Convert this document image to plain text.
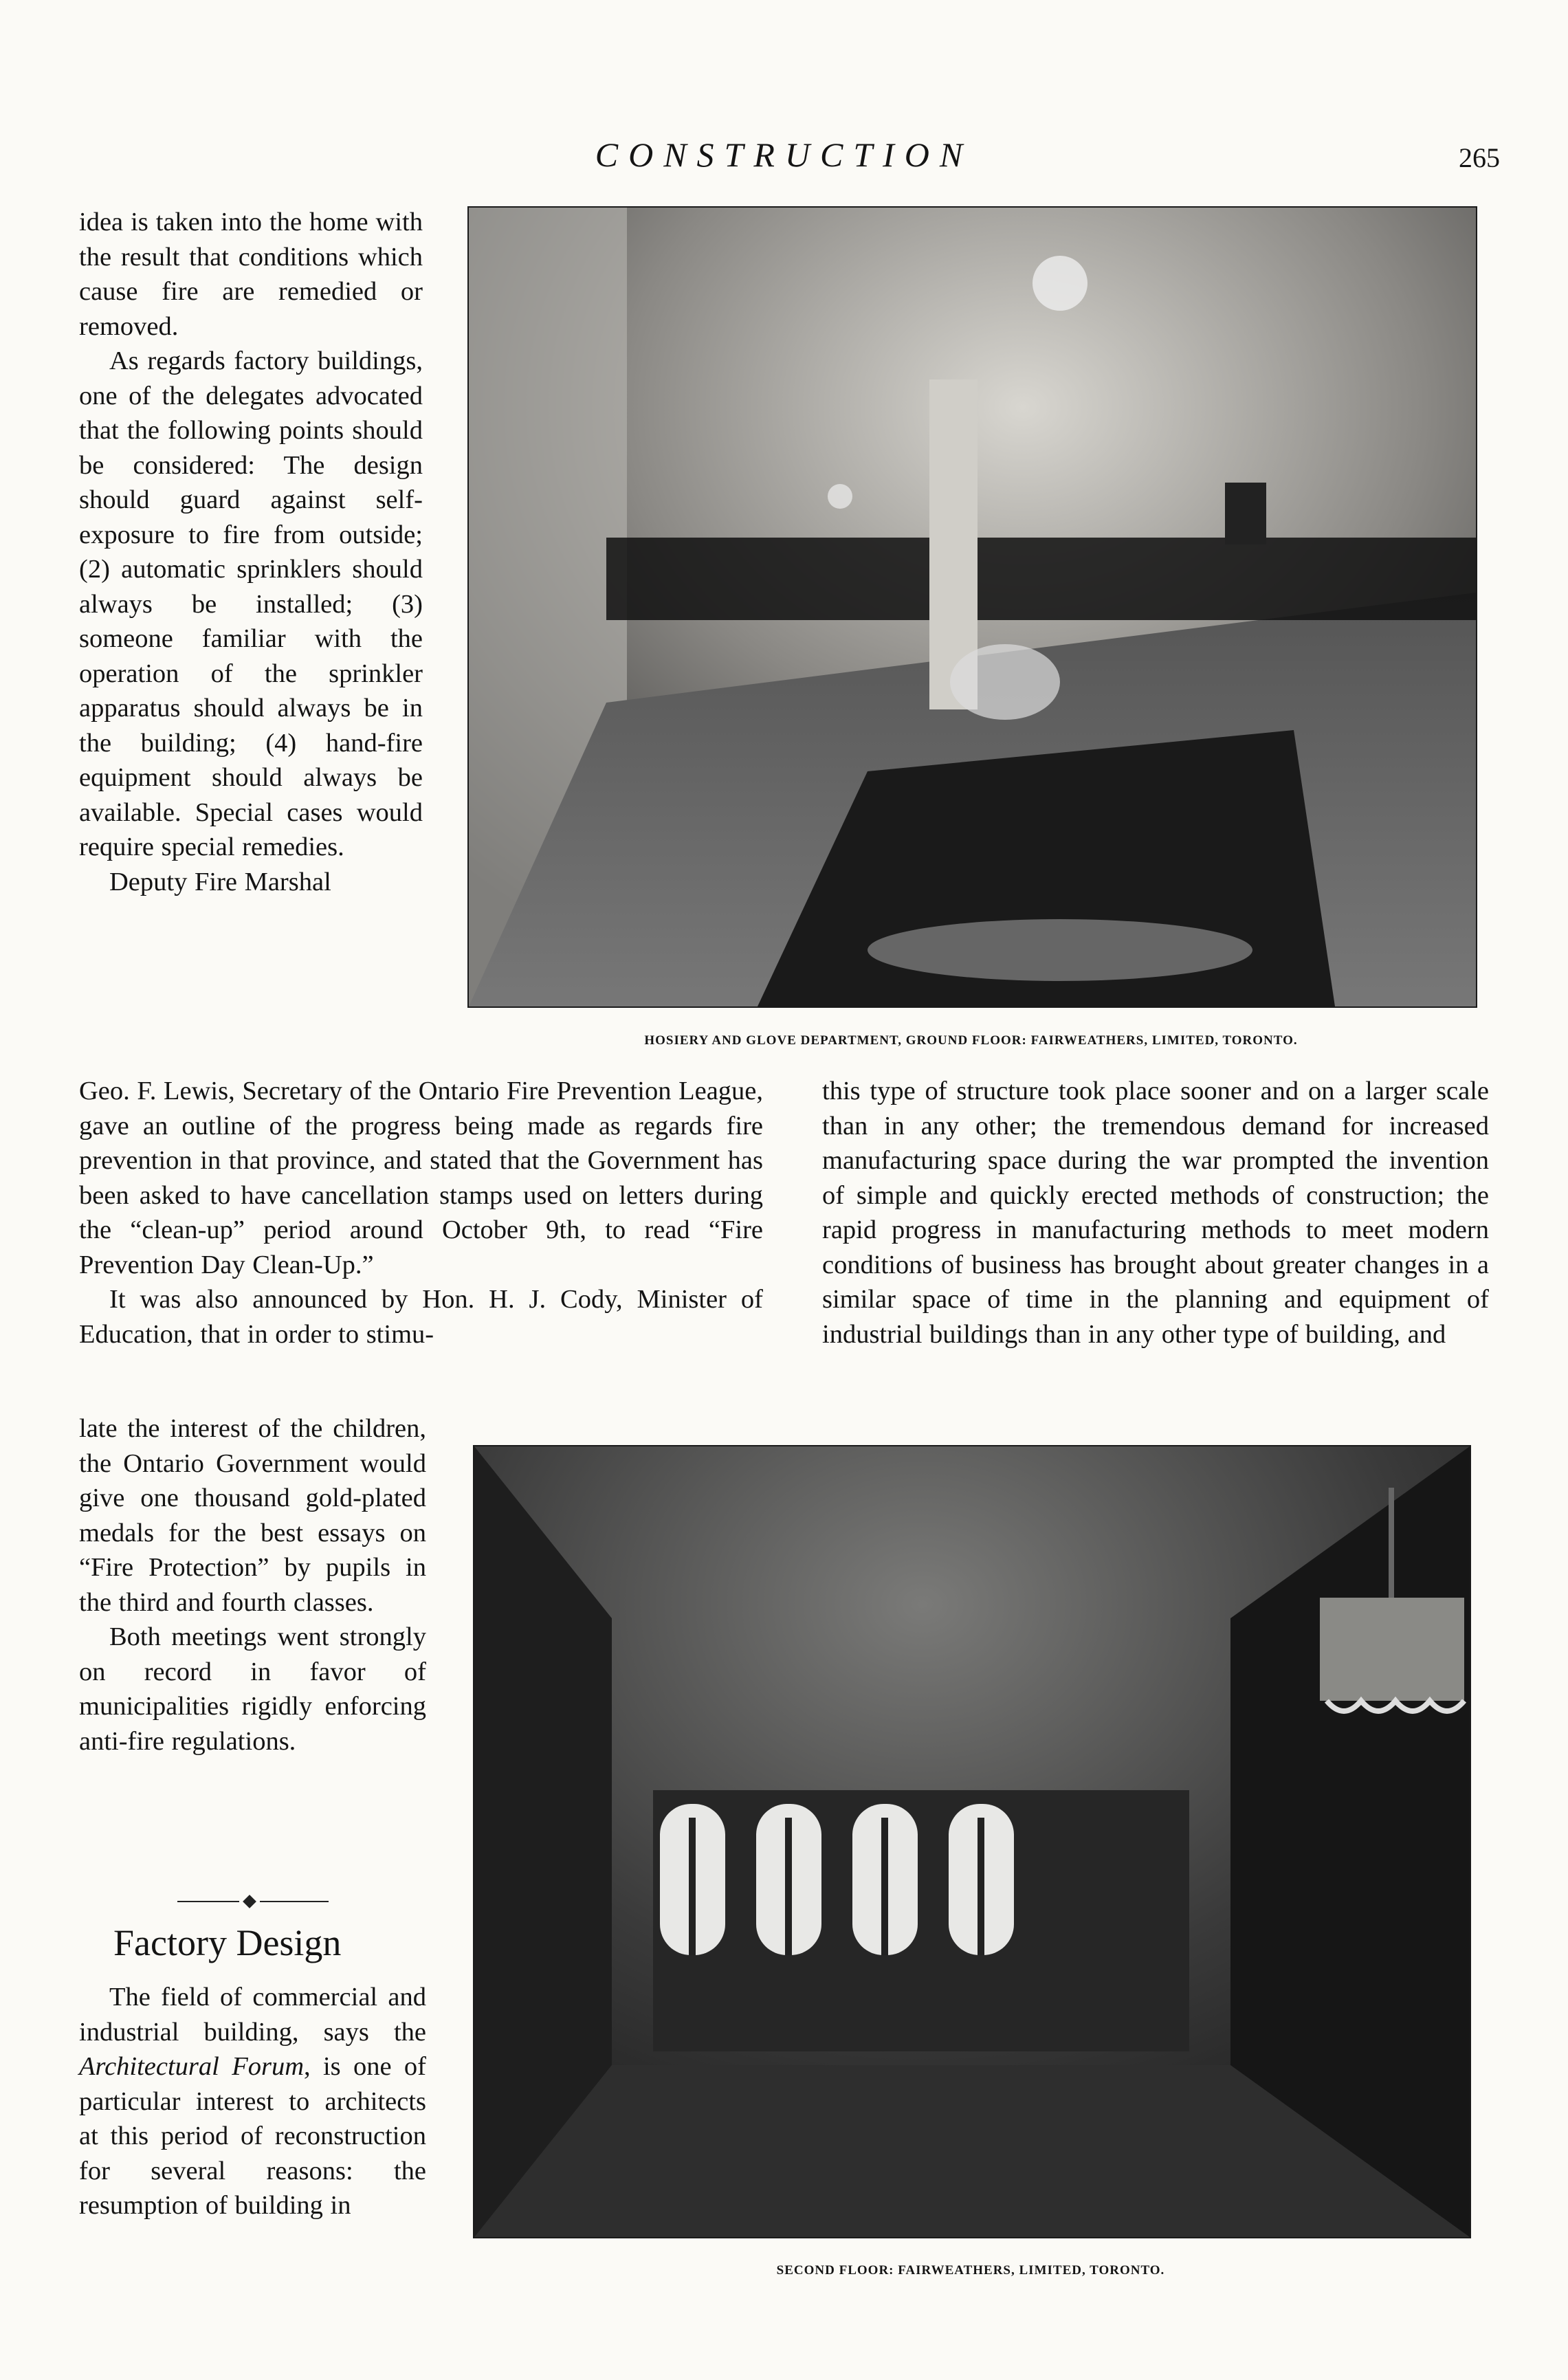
CONSTRUCTION	265

idea is taken into the home with the result that conditions which cause fire are remedied or removed.

As regards factory buildings, one of the delegates advocated that the following points should be considered: The design should guard against self-exposure to fire from outside; (2) automatic sprinklers should always be installed; (3) someone familiar with the operation of the sprinkler apparatus should always be in the building; (4) hand-fire equipment should always be available. Special cases would require special remedies.

Deputy Fire Marshal

HOSIERY AND GLOVE DEPARTMENT, GROUND FLOOR: FAIRWEATHERS, LIMITED, TORONTO.

Geo. F. Lewis, Secretary of the Ontario Fire Prevention League, gave an outline of the progress being made as regards fire prevention in that province, and stated that the Government has been asked to have cancellation stamps used on letters during the “clean-up” period around October 9th, to read “Fire Prevention Day Clean-Up.”

It was also announced by Hon. H. J. Cody, Minister of Education, that in order to stimu-

this type of structure took place sooner and on a larger scale than in any other; the tremendous demand for increased manufacturing space during the war prompted the invention of simple and quickly erected methods of construction; the rapid progress in manufacturing methods to meet modern conditions of business has brought about greater changes in a similar space of time in the planning and equipment of industrial buildings than in any other type of building, and

late the interest of the children, the Ontario Government would give one thousand gold-plated medals for the best essays on “Fire Protection” by pupils in the third and fourth classes.

Both meetings went strongly on record in favor of municipalities rigidly enforcing anti-fire regulations.

Factory Design

The field of commercial and industrial building, says the Architectural Forum, is one of particular interest to architects at this period of reconstruction for several reasons: the resumption of building in

SECOND FLOOR: FAIRWEATHERS, LIMITED, TORONTO.
